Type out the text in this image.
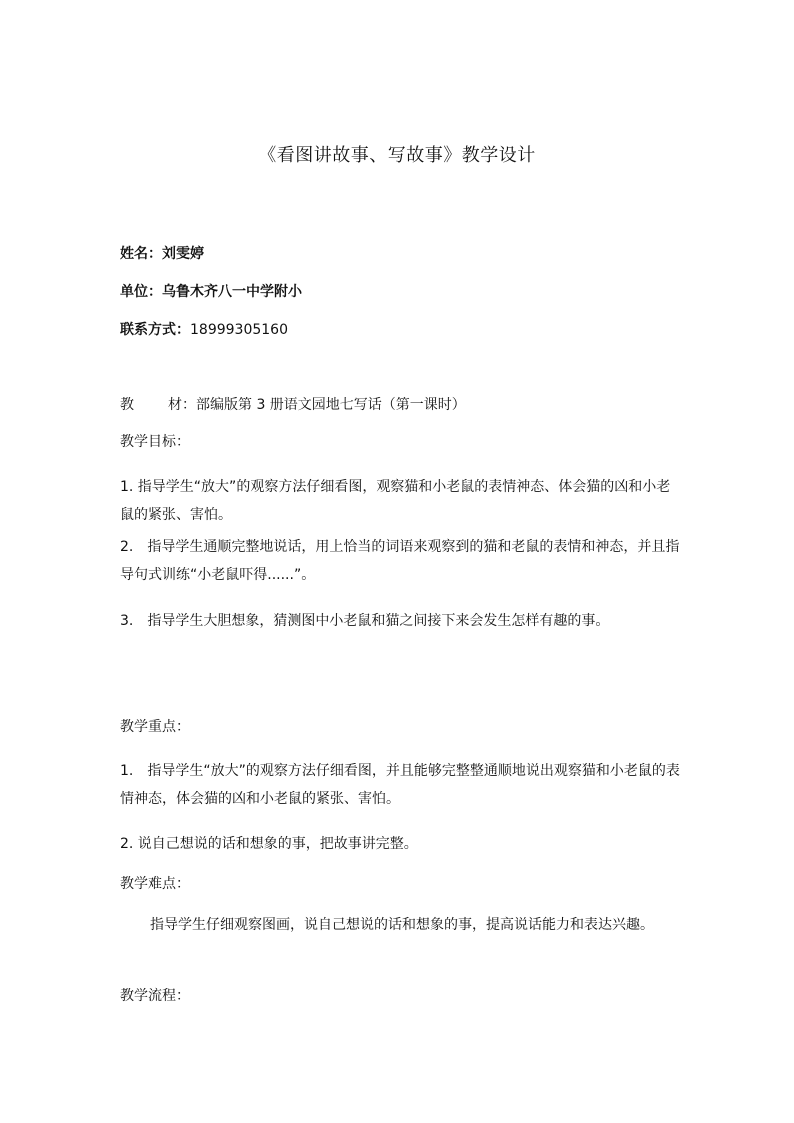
《看图讲故事、写故事》教学设计
姓名：刘雯婷
单位：乌鲁木齐八一中学附小
联系方式：18999305160
教 材：部编版第 3 册语文园地七写话（第一课时）
教学目标：
1. 指导学生“放大”的观察方法仔细看图，观察猫和小老鼠的表情神态、体会猫的凶和小老鼠的紧张、害怕。
2.　指导学生通顺完整地说话，用上恰当的词语来观察到的猫和老鼠的表情和神态，并且指导句式训练“小老鼠吓得......”。
3.　指导学生大胆想象，猜测图中小老鼠和猫之间接下来会发生怎样有趣的事。
教学重点：
1.　指导学生“放大”的观察方法仔细看图，并且能够完整整通顺地说出观察猫和小老鼠的表情神态，体会猫的凶和小老鼠的紧张、害怕。
2. 说自己想说的话和想象的事，把故事讲完整。
教学难点：
指导学生仔细观察图画，说自己想说的话和想象的事，提高说话能力和表达兴趣。
教学流程：
